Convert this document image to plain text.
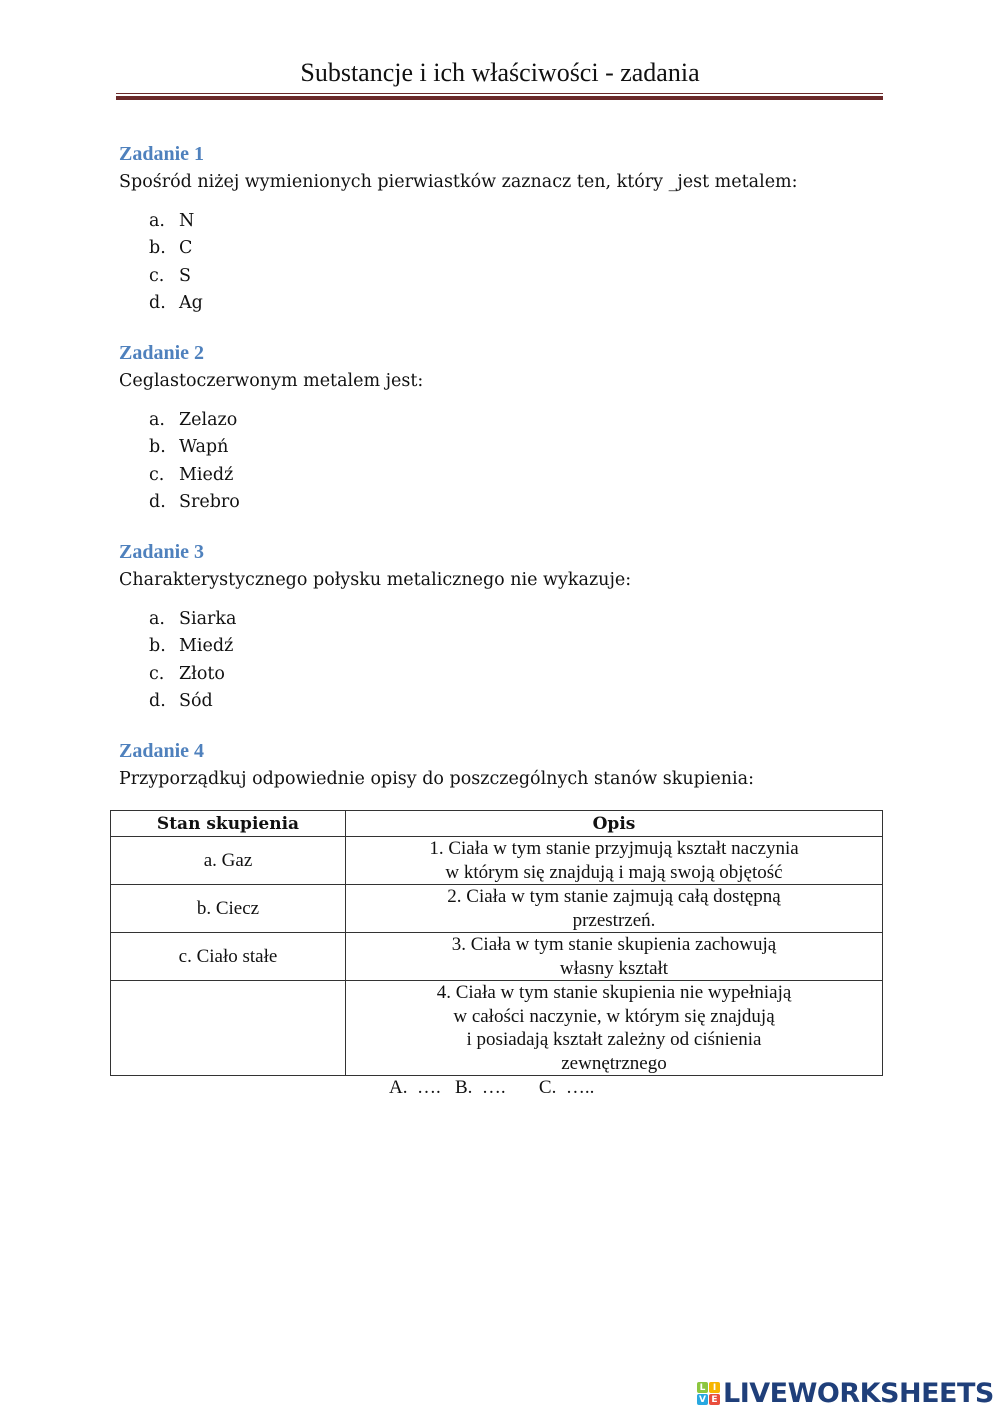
Substancje i ich właściwości - zadania
Zadanie 1
Spośród niżej wymienionych pierwiastków zaznacz ten, który _jest metalem:
a. N
b. C
c. S
d. Ag
Zadanie 2
Ceglastoczerwonym metalem jest:
a. Zelazo
b. Wapń
c. Miedź
d. Srebro
Zadanie 3
Charakterystycznego połysku metalicznego nie wykazuje:
a. Siarka
b. Miedź
c. Złoto
d. Sód
Zadanie 4
Przyporządkuj odpowiednie opisy do poszczególnych stanów skupienia:
Stan skupienia	Opis
a. Gaz	1. Ciała w tym stanie przyjmują kształt naczynia
w którym się znajdują i mają swoją objętość

b. Ciecz	2. Ciała w tym stanie zajmują całą dostępną
przestrzeń.

c. Ciało stałe	3. Ciała w tym stanie skupienia zachowują
własny kształt

	4. Ciała w tym stanie skupienia nie wypełniają
w całości naczynie, w którym się znajdują
i posiadają kształt zależny od ciśnienia
zewnętrznego
A.  ….   B.  ….       C.  …..
L I
V E LIVEWORKSHEETS
